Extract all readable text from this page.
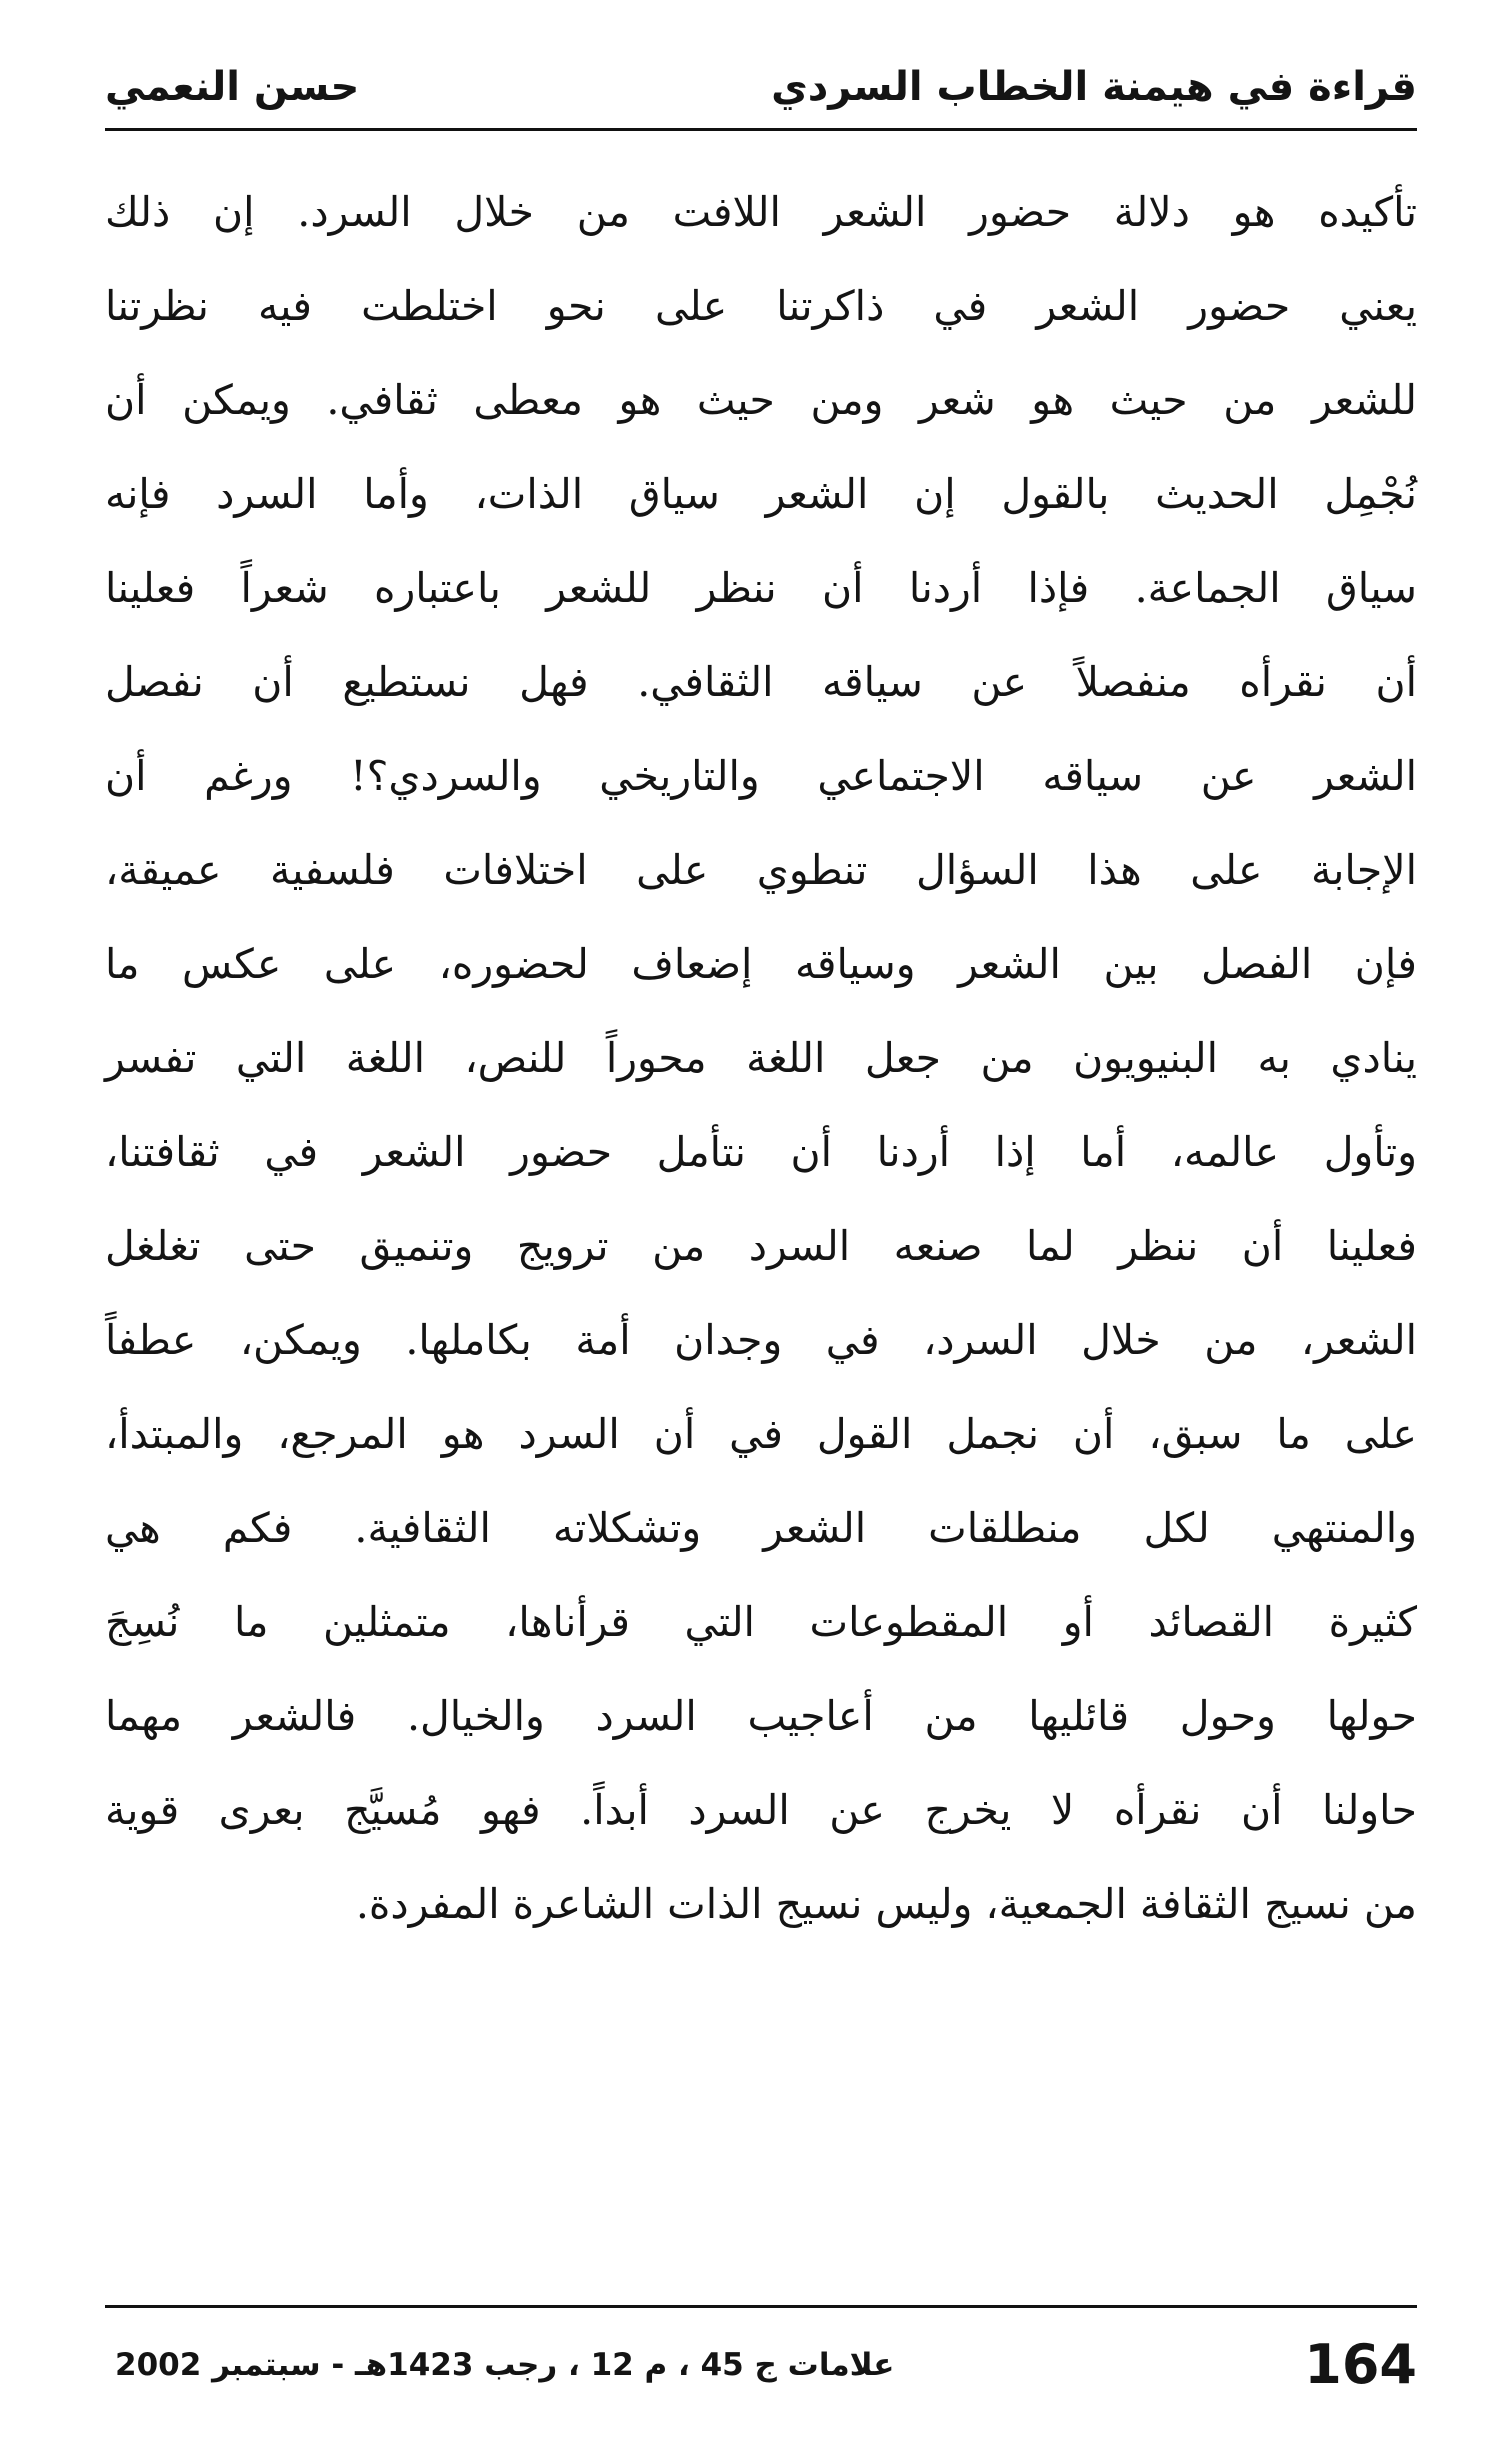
قراءة في هيمنة الخطاب السردي
حسن النعمي
تأكيده هو دلالة حضور الشعر اللافت من خلال السرد. إن ذلك
يعني حضور الشعر في ذاكرتنا على نحو اختلطت فيه نظرتنا
للشعر من حيث هو شعر ومن حيث هو معطى ثقافي. ويمكن أن
نُجْمِل الحديث بالقول إن الشعر سياق الذات، وأما السرد فإنه
سياق الجماعة. فإذا أردنا أن ننظر للشعر باعتباره شعراً فعلينا
أن نقرأه منفصلاً عن سياقه الثقافي. فهل نستطيع أن نفصل
الشعر عن سياقه الاجتماعي والتاريخي والسردي؟! ورغم أن
الإجابة على هذا السؤال تنطوي على اختلافات فلسفية عميقة،
فإن الفصل بين الشعر وسياقه إضعاف لحضوره، على عكس ما
ينادي به البنيويون من جعل اللغة محوراً للنص، اللغة التي تفسر
وتأول عالمه، أما إذا أردنا أن نتأمل حضور الشعر في ثقافتنا،
فعلينا أن ننظر لما صنعه السرد من ترويج وتنميق حتى تغلغل
الشعر، من خلال السرد، في وجدان أمة بكاملها. ويمكن، عطفاً
على ما سبق، أن نجمل القول في أن السرد هو المرجع، والمبتدأ،
والمنتهي لكل منطلقات الشعر وتشكلاته الثقافية. فكم هي
كثيرة القصائد أو المقطوعات التي قرأناها، متمثلين ما نُسِجَ
حولها وحول قائليها من أعاجيب السرد والخيال. فالشعر مهما
حاولنا أن نقرأه لا يخرج عن السرد أبداً. فهو مُسيَّج بعرى قوية
من نسيج الثقافة الجمعية، وليس نسيج الذات الشاعرة المفردة.
164
علامات ج 45 ، م 12 ، رجب 1423هـ - سبتمبر 2002
